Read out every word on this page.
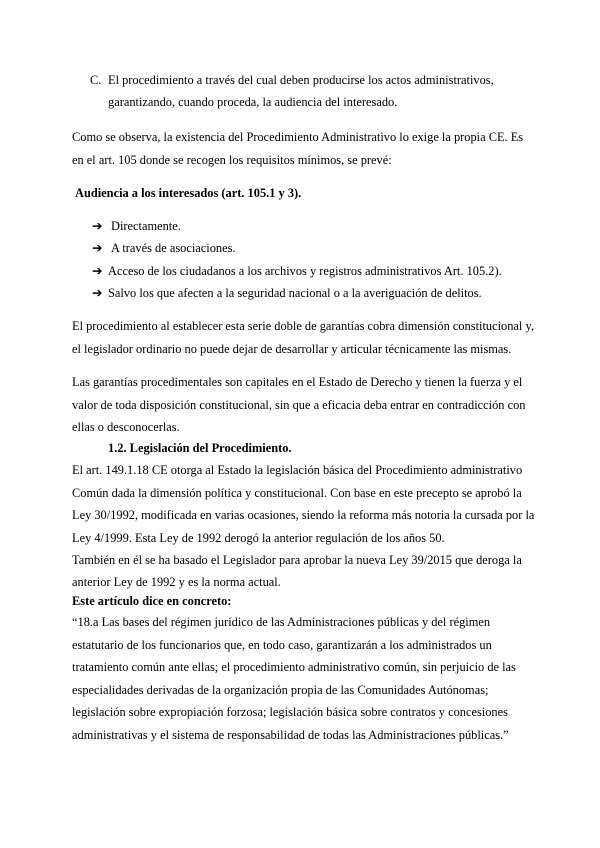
C. El procedimiento a través del cual deben producirse los actos administrativos,
garantizando, cuando proceda, la audiencia del interesado.
Como se observa, la existencia del Procedimiento Administrativo lo exige la propia CE. Es
en el art. 105 donde se recogen los requisitos mínimos, se prevé:
Audiencia a los interesados (art. 105.1 y 3).
➔ Directamente.
➔ A través de asociaciones.
➔ Acceso de los ciudadanos a los archivos y registros administrativos Art. 105.2).
➔ Salvo los que afecten a la seguridad nacional o a la averiguación de delitos.
El procedimiento al establecer esta serie doble de garantías cobra dimensión constitucional y,
el legislador ordinario no puede dejar de desarrollar y articular técnicamente las mismas.
Las garantías procedimentales son capitales en el Estado de Derecho y tienen la fuerza y el
valor de toda disposición constitucional, sin que a eficacia deba entrar en contradicción con
ellas o desconocerlas.
1.2. Legislación del Procedimiento.
El art. 149.1.18 CE otorga al Estado la legislación básica del Procedimiento administrativo
Común dada la dimensión política y constitucional. Con base en este precepto se aprobó la
Ley 30/1992, modificada en varias ocasiones, siendo la reforma más notoria la cursada por la
Ley 4/1999. Esta Ley de 1992 derogó la anterior regulación de los años 50.
También en él se ha basado el Legislador para aprobar la nueva Ley 39/2015 que deroga la
anterior Ley de 1992 y es la norma actual.
Este artículo dice en concreto:
“18.a Las bases del régimen jurídico de las Administraciones públicas y del régimen
estatutario de los funcionarios que, en todo caso, garantizarán a los administrados un
tratamiento común ante ellas; el procedimiento administrativo común, sin perjuicio de las
especialidades derivadas de la organización propia de las Comunidades Autónomas;
legislación sobre expropiación forzosa; legislación básica sobre contratos y concesiones
administrativas y el sistema de responsabilidad de todas las Administraciones públicas.”
